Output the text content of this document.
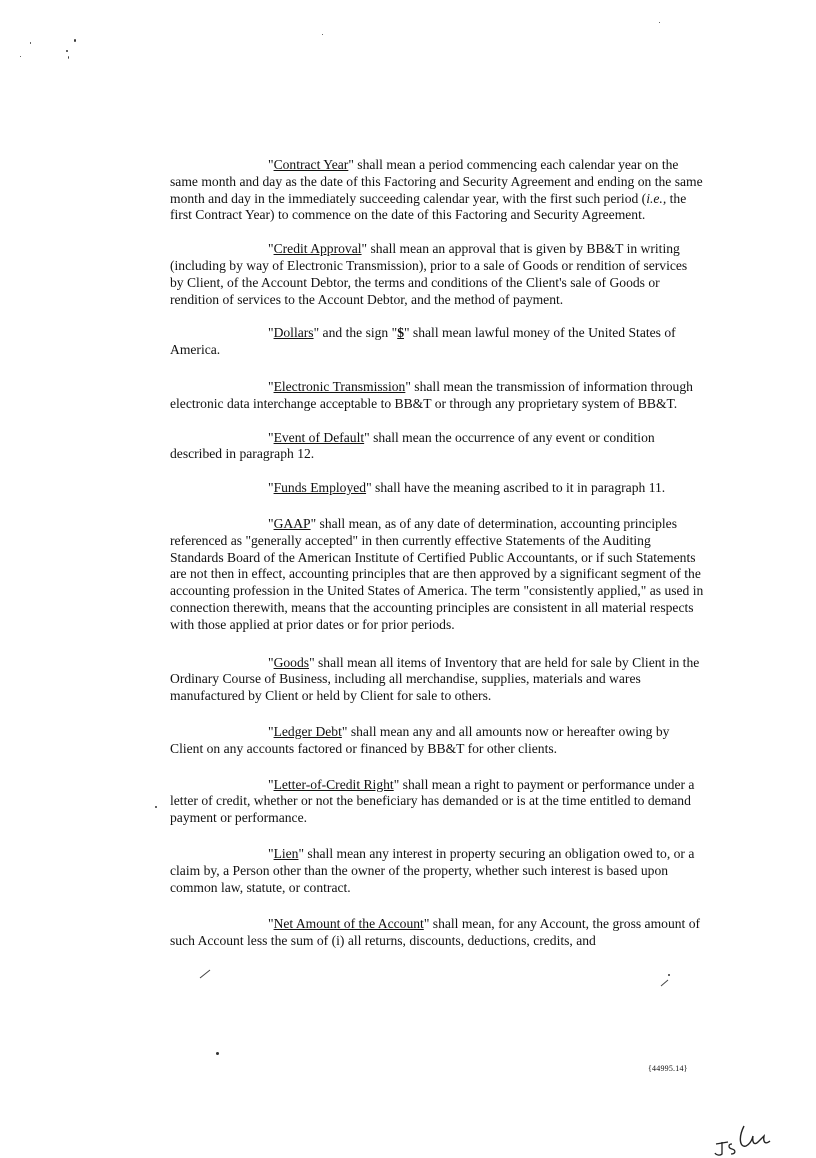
"Contract Year" shall mean a period commencing each calendar year on the same month and day as the date of this Factoring and Security Agreement and ending on the same month and day in the immediately succeeding calendar year, with the first such period (i.e., the first Contract Year) to commence on the date of this Factoring and Security Agreement.

"Credit Approval" shall mean an approval that is given by BB&T in writing (including by way of Electronic Transmission), prior to a sale of Goods or rendition of services by Client, of the Account Debtor, the terms and conditions of the Client's sale of Goods or rendition of services to the Account Debtor, and the method of payment.

"Dollars" and the sign "$" shall mean lawful money of the United States of America.

"Electronic Transmission" shall mean the transmission of information through electronic data interchange acceptable to BB&T or through any proprietary system of BB&T.

"Event of Default" shall mean the occurrence of any event or condition described in paragraph 12.

"Funds Employed" shall have the meaning ascribed to it in paragraph 11.

"GAAP" shall mean, as of any date of determination, accounting principles referenced as "generally accepted" in then currently effective Statements of the Auditing Standards Board of the American Institute of Certified Public Accountants, or if such Statements are not then in effect, accounting principles that are then approved by a significant segment of the accounting profession in the United States of America. The term "consistently applied," as used in connection therewith, means that the accounting principles are consistent in all material respects with those applied at prior dates or for prior periods.

"Goods" shall mean all items of Inventory that are held for sale by Client in the Ordinary Course of Business, including all merchandise, supplies, materials and wares manufactured by Client or held by Client for sale to others.

"Ledger Debt" shall mean any and all amounts now or hereafter owing by Client on any accounts factored or financed by BB&T for other clients.

"Letter-of-Credit Right" shall mean a right to payment or performance under a letter of credit, whether or not the beneficiary has demanded or is at the time entitled to demand payment or performance.

"Lien" shall mean any interest in property securing an obligation owed to, or a claim by, a Person other than the owner of the property, whether such interest is based upon common law, statute, or contract.

"Net Amount of the Account" shall mean, for any Account, the gross amount of such Account less the sum of (i) all returns, discounts, deductions, credits, and

{44995.14}
